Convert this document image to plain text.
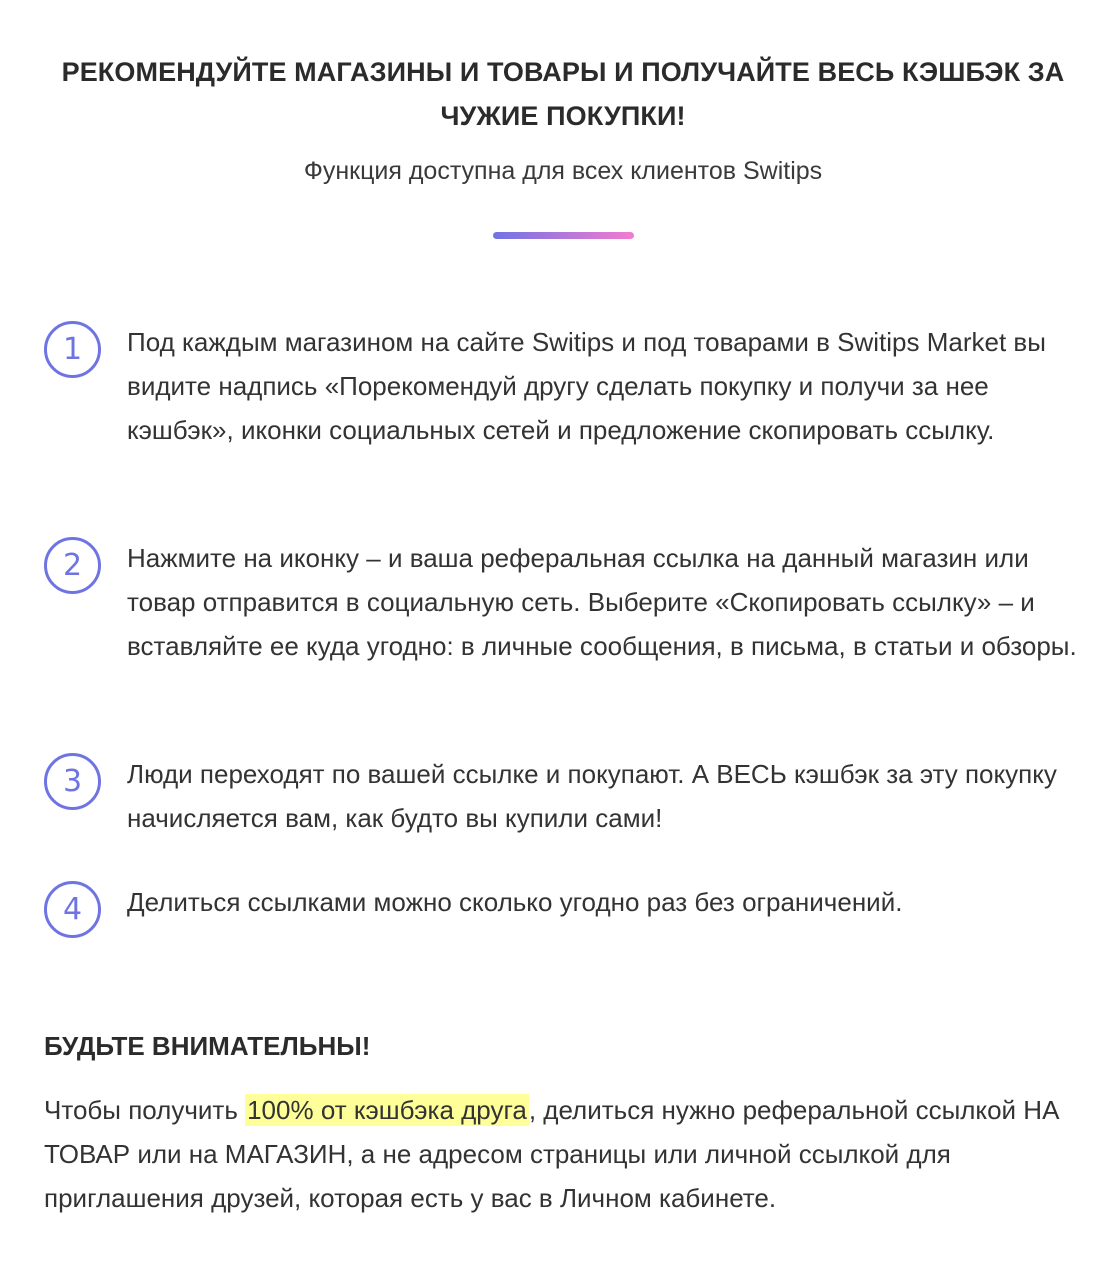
РЕКОМЕНДУЙТЕ МАГАЗИНЫ И ТОВАРЫ И ПОЛУЧАЙТЕ ВЕСЬ КЭШБЭК ЗА ЧУЖИЕ ПОКУПКИ!
Функция доступна для всех клиентов Switips
1	Под каждым магазином на сайте Switips и под товарами в Switips Market вы видите надпись «Порекомендуй другу сделать покупку и получи за нее кэшбэк», иконки социальных сетей и предложение скопировать ссылку.
2	Нажмите на иконку – и ваша реферальная ссылка на данный магазин или товар отправится в социальную сеть. Выберите «Скопировать ссылку» – и вставляйте ее куда угодно: в личные сообщения, в письма, в статьи и обзоры.
3	Люди переходят по вашей ссылке и покупают. А ВЕСЬ кэшбэк за эту покупку начисляется вам, как будто вы купили сами!
4	Делиться ссылками можно сколько угодно раз без ограничений.
БУДЬТЕ ВНИМАТЕЛЬНЫ!
Чтобы получить 100% от кэшбэка друга, делиться нужно реферальной ссылкой НА ТОВАР или на МАГАЗИН, а не адресом страницы или личной ссылкой для приглашения друзей, которая есть у вас в Личном кабинете.
